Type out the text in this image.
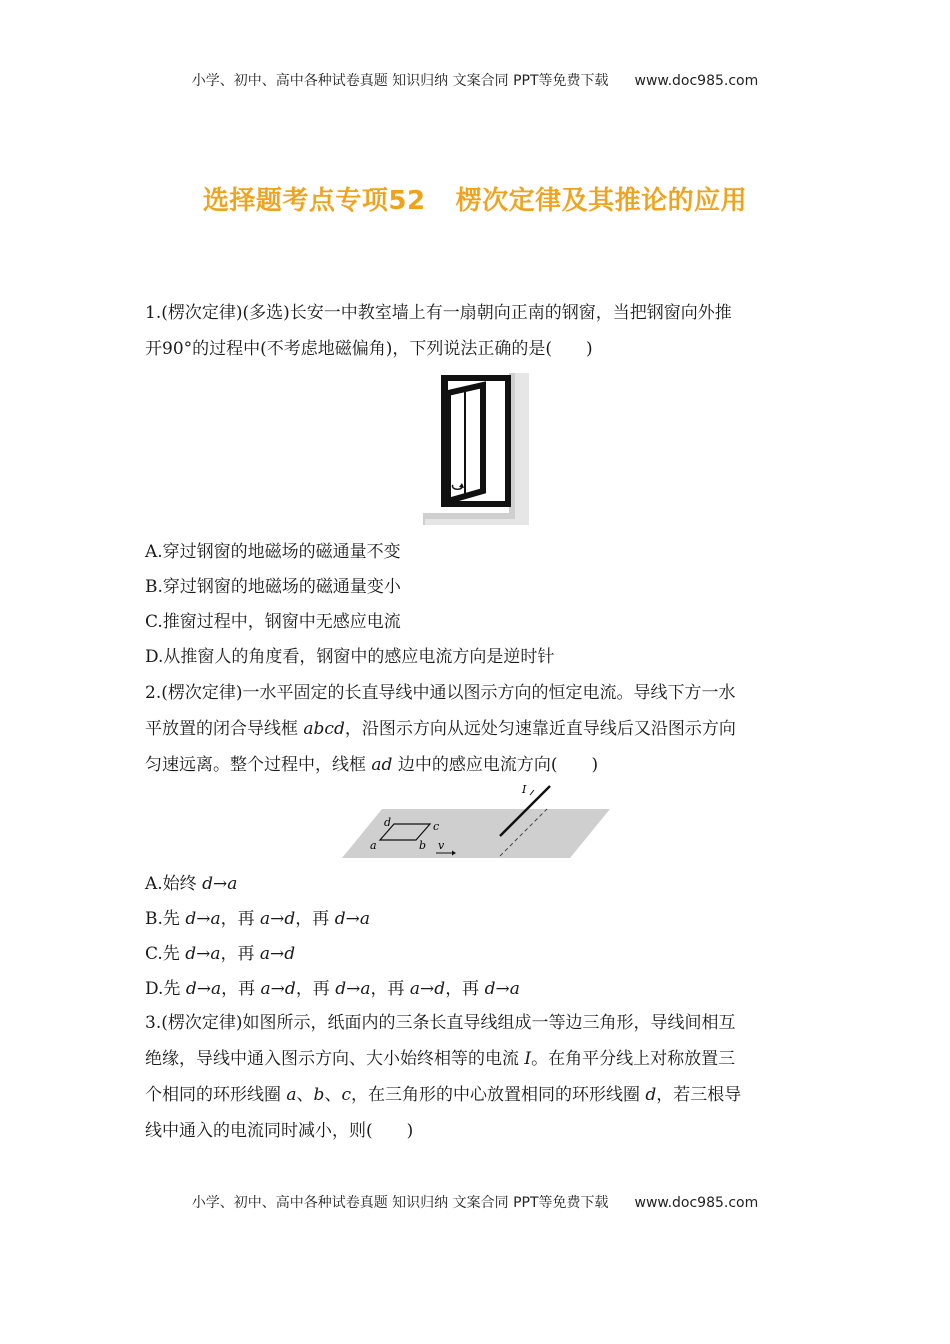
小学、初中、高中各种试卷真题 知识归纳 文案合同 PPT等免费下载 www.doc985.com
选择题考点专项52 楞次定律及其推论的应用
1.(楞次定律)(多选)长安一中教室墙上有一扇朝向正南的钢窗，当把钢窗向外推
开90°的过程中(不考虑地磁偏角)，下列说法正确的是(　　)
A.穿过钢窗的地磁场的磁通量不变
B.穿过钢窗的地磁场的磁通量变小
C.推窗过程中，钢窗中无感应电流
D.从推窗人的角度看，钢窗中的感应电流方向是逆时针
2.(楞次定律)一水平固定的长直导线中通以图示方向的恒定电流。导线下方一水
平放置的闭合导线框 abcd，沿图示方向从远处匀速靠近直导线后又沿图示方向
匀速远离。整个过程中，线框 ad 边中的感应电流方向(　　)
I
d	c
a	b v
A.始终 d→a
B.先 d→a，再 a→d，再 d→a
C.先 d→a，再 a→d
D.先 d→a，再 a→d，再 d→a，再 a→d，再 d→a
3.(楞次定律)如图所示，纸面内的三条长直导线组成一等边三角形，导线间相互
绝缘，导线中通入图示方向、大小始终相等的电流 I。在角平分线上对称放置三
个相同的环形线圈 a、b、c，在三角形的中心放置相同的环形线圈 d，若三根导
线中通入的电流同时减小，则(　　)
小学、初中、高中各种试卷真题 知识归纳 文案合同 PPT等免费下载 www.doc985.com
